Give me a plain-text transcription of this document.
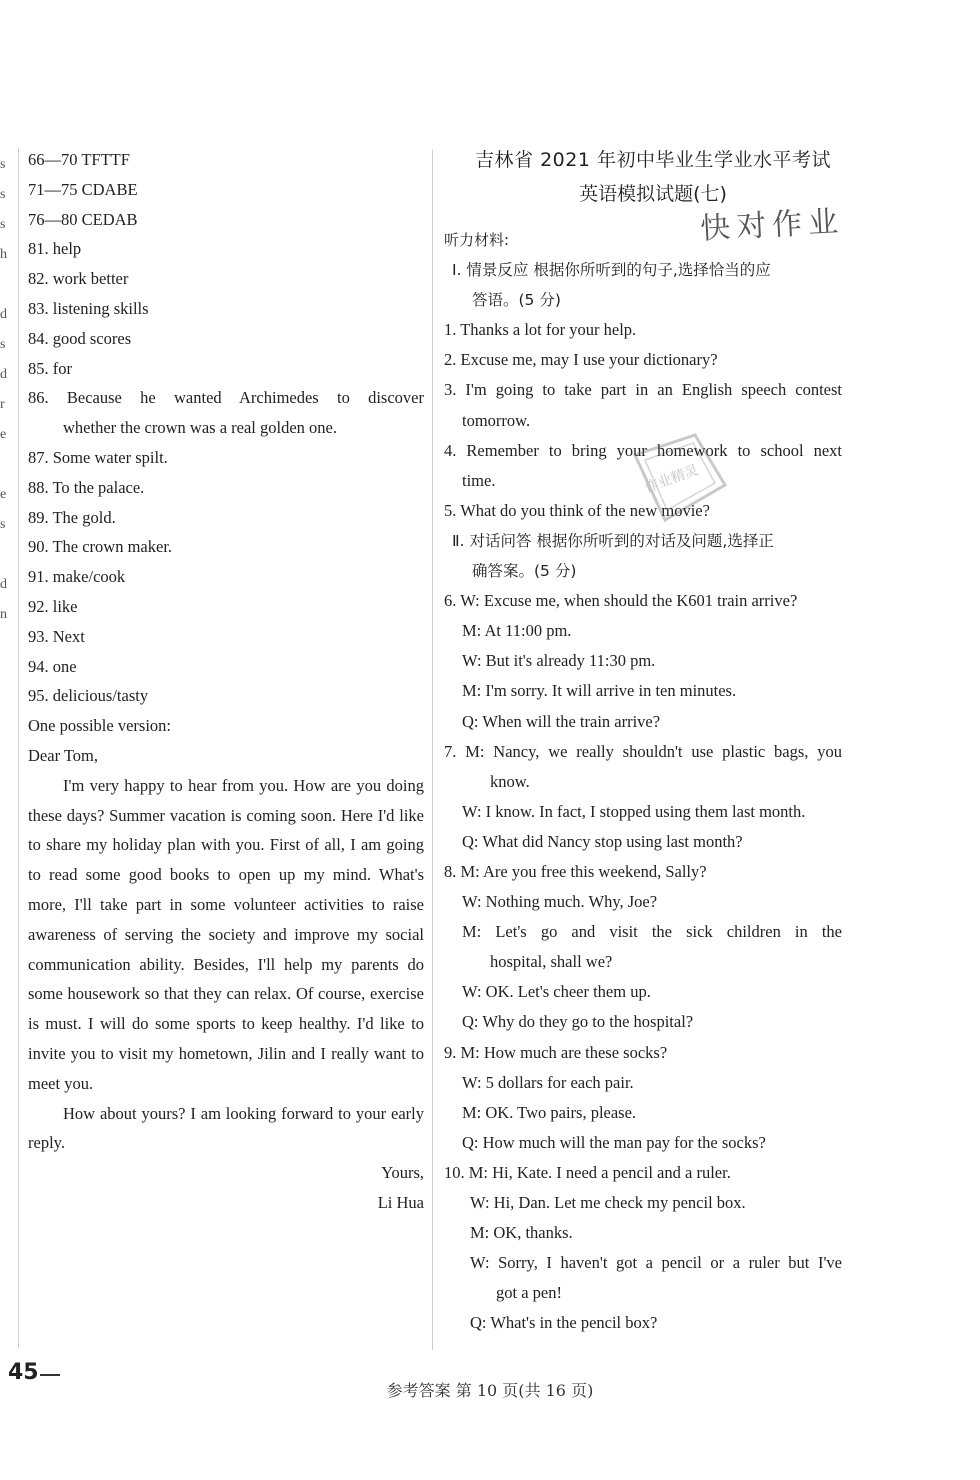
s
s
s
h
d
s
d
r
e
e
s
d
n
66—70 TFTTF
71—75 CDABE
76—80 CEDAB
81. help
82. work better
83. listening skills
84. good scores
85. for
86. Because he wanted Archimedes to discover
whether the crown was a real golden one.
87. Some water spilt.
88. To the palace.
89. The gold.
90. The crown maker.
91. make/cook
92. like
93. Next
94. one
95. delicious/tasty
One possible version:
Dear Tom,
I'm very happy to hear from you. How are you doing these days? Summer vacation is coming soon. Here I'd like to share my holiday plan with you. First of all, I am going to read some good books to open up my mind. What's more, I'll take part in some volunteer activities to raise awareness of serving the society and improve my social communication ability. Besides, I'll help my parents do some housework so that they can relax. Of course, exercise is must. I will do some sports to keep healthy. I'd like to invite you to visit my hometown, Jilin and I really want to meet you.
How about yours? I am looking forward to your early reply.
Yours,
Li Hua
吉林省 2021 年初中毕业生学业水平考试
英语模拟试题(七)
听力材料:
Ⅰ. 情景反应 根据你所听到的句子,选择恰当的应
答语。(5 分)
1. Thanks a lot for your help.
2. Excuse me, may I use your dictionary?
3. I'm going to take part in an English speech contest
tomorrow.
4. Remember to bring your homework to school next
time.
5. What do you think of the new movie?
Ⅱ. 对话问答 根据你所听到的对话及问题,选择正
确答案。(5 分)
6. W: Excuse me, when should the K601 train arrive?
M: At 11:00 pm.
W: But it's already 11:30 pm.
M: I'm sorry. It will arrive in ten minutes.
Q: When will the train arrive?
7. M: Nancy, we really shouldn't use plastic bags, you
know.
W: I know. In fact, I stopped using them last month.
Q: What did Nancy stop using last month?
8. M: Are you free this weekend, Sally?
W: Nothing much. Why, Joe?
M: Let's go and visit the sick children in the
hospital, shall we?
W: OK. Let's cheer them up.
Q: Why do they go to the hospital?
9. M: How much are these socks?
W: 5 dollars for each pair.
M: OK. Two pairs, please.
Q: How much will the man pay for the socks?
10. M: Hi, Kate. I need a pencil and a ruler.
W: Hi, Dan. Let me check my pencil box.
M: OK, thanks.
W: Sorry, I haven't got a pencil or a ruler but I've
got a pen!
Q: What's in the pencil box?
快对作业
作业精灵
45
参考答案 第 10 页(共 16 页)
